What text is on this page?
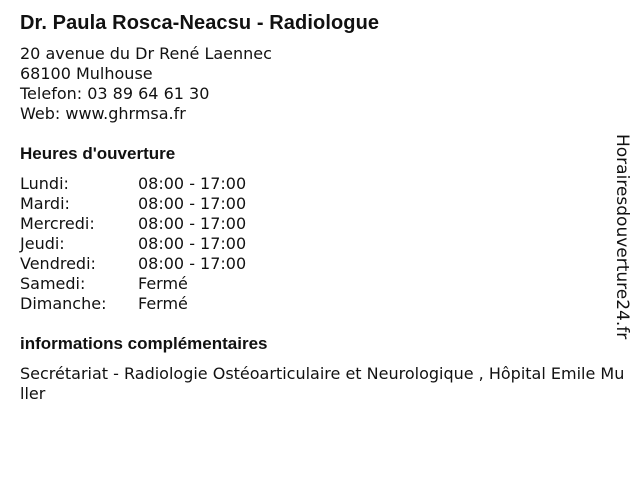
Dr. Paula Rosca-Neacsu - Radiologue
20 avenue du Dr René Laennec
68100 Mulhouse
Telefon: 03 89 64 61 30
Web: www.ghrmsa.fr
Heures d'ouverture
Lundi:	08:00 - 17:00
Mardi:	08:00 - 17:00
Mercredi:	08:00 - 17:00
Jeudi:	08:00 - 17:00
Vendredi:	08:00 - 17:00
Samedi:	Fermé
Dimanche:	Fermé
informations complémentaires
Secrétariat - Radiologie Ostéoarticulaire et Neurologique , Hôpital Emile Muller
Horairesdouverture24.fr
